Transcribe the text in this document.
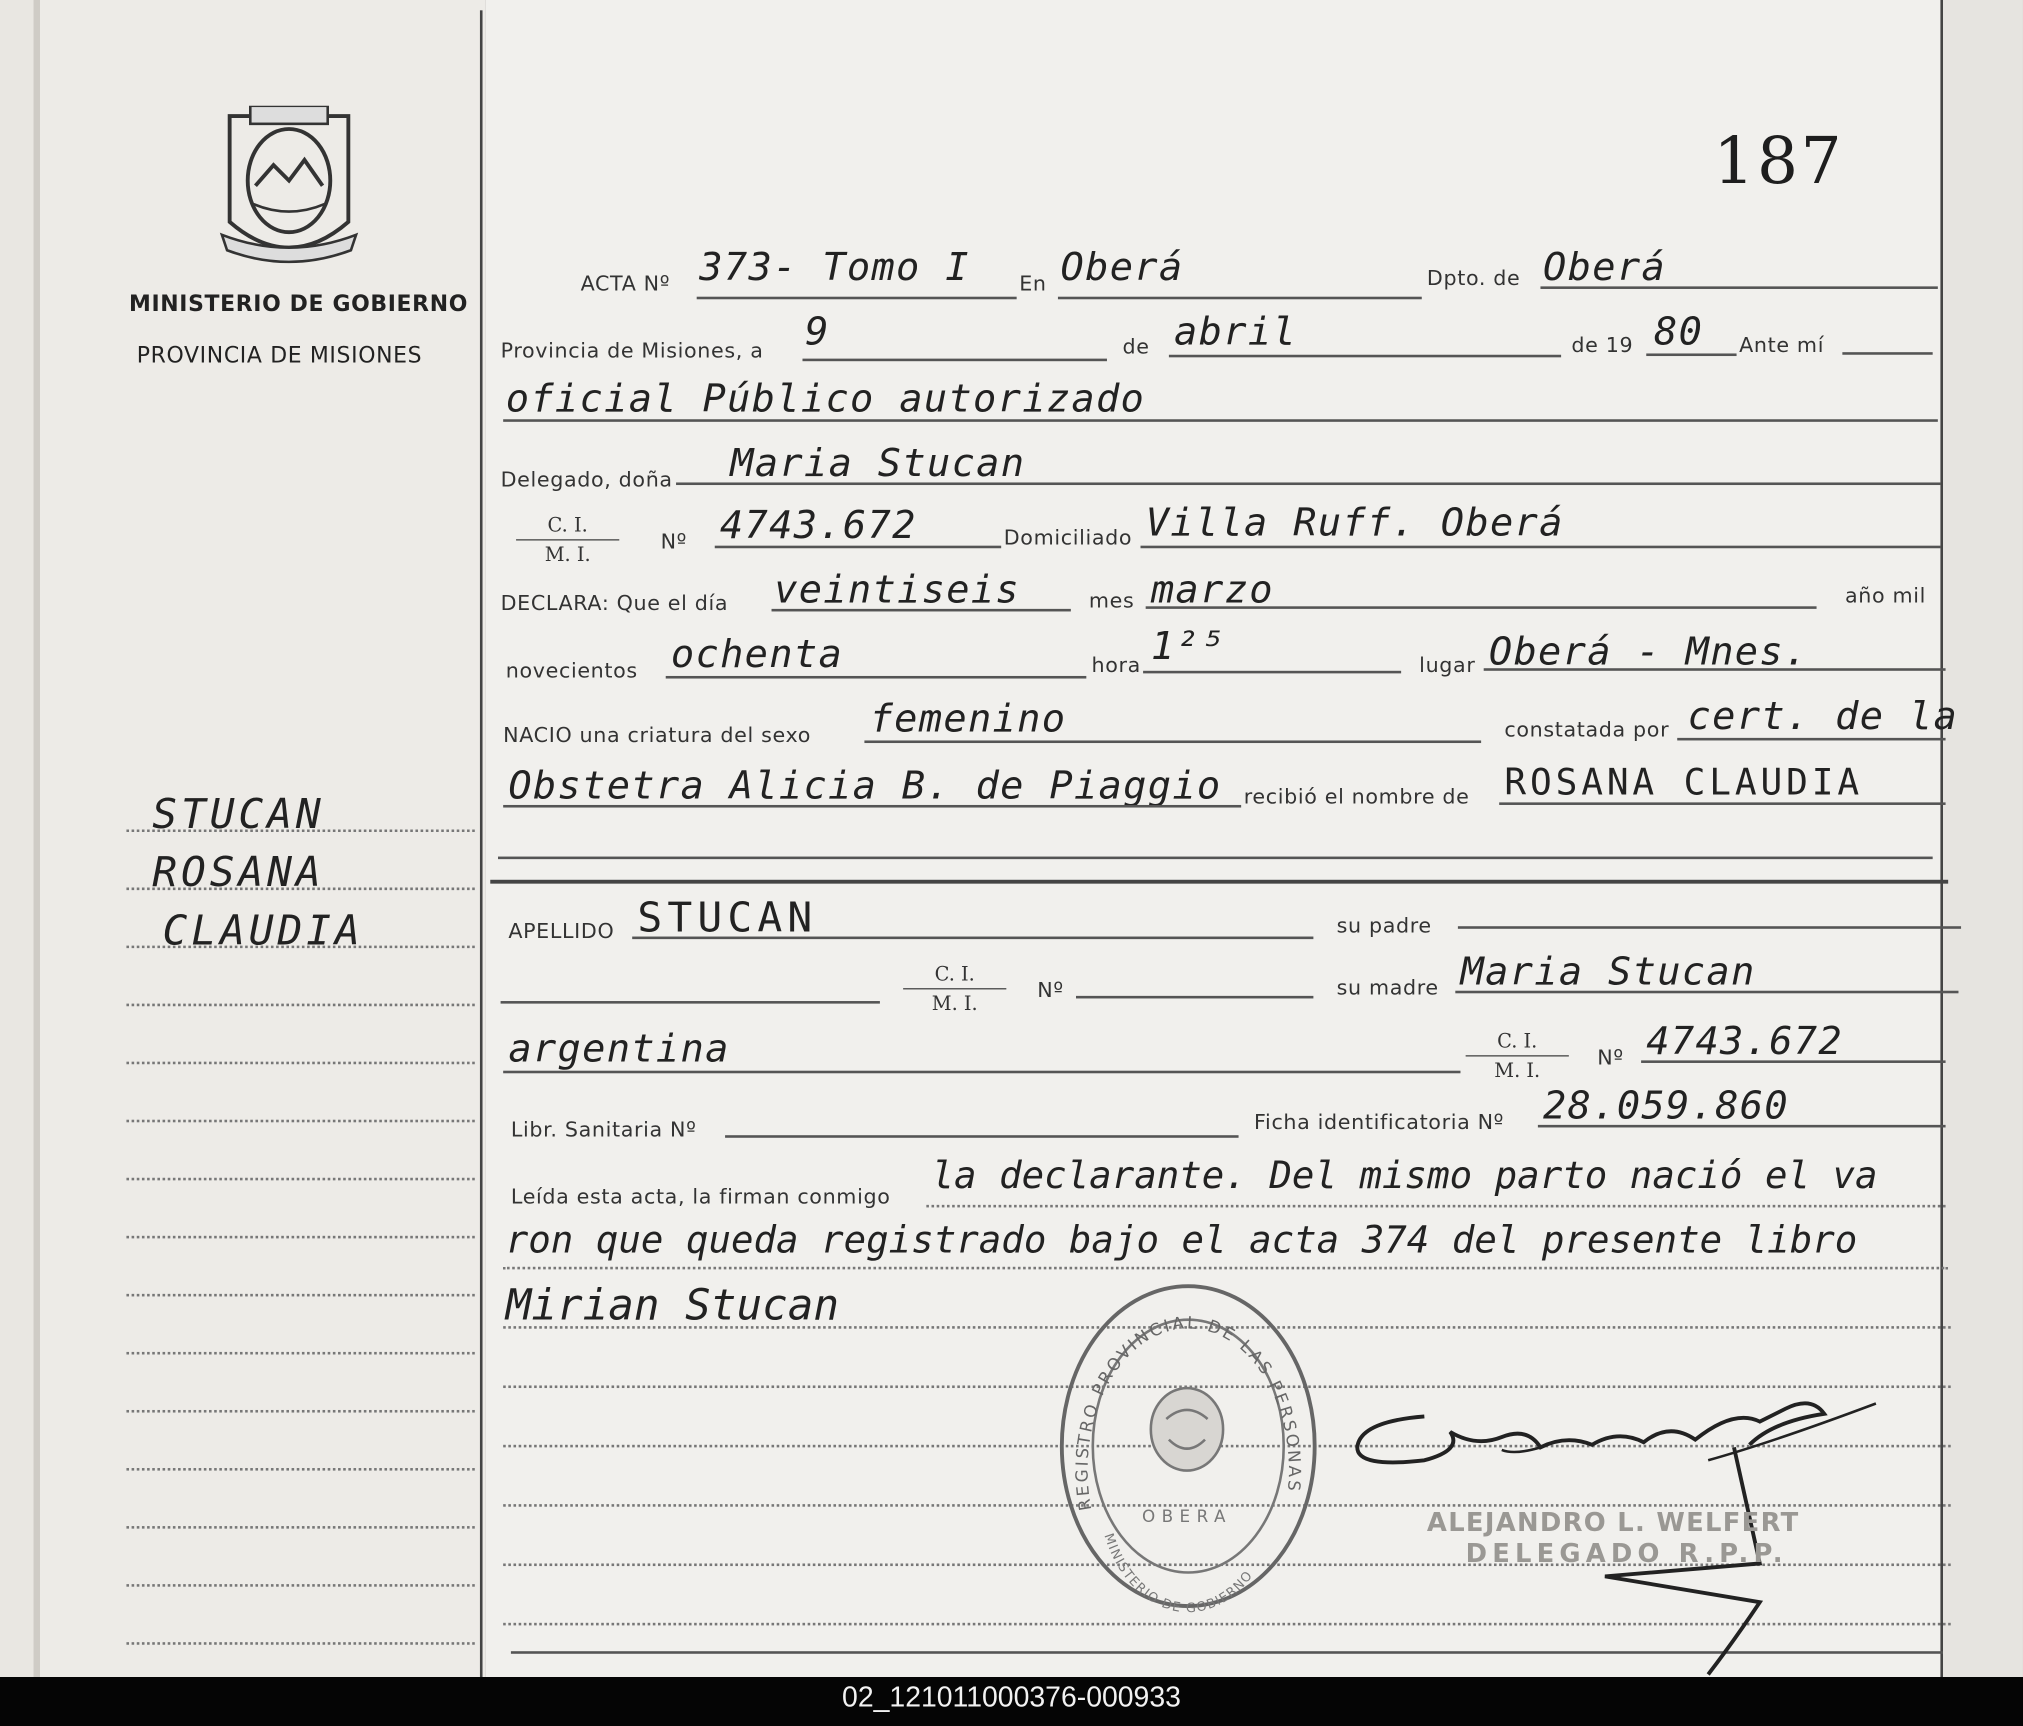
MINISTERIO DE GOBIERNO
PROVINCIA DE MISIONES
187
STUCAN
ROSANA
CLAUDIA
ACTA Nº 373- Tomo I	En Oberá	Dpto. de Oberá
Provincia de Misiones, a 9	de abril	de 19 80 Ante mí
oficial Público autorizado
Delegado, doña Maria Stucan
$\frac{C. I.}{M. I.}$	Nº 4743.672	Domiciliado Villa Ruff. Oberá
DECLARA: Que el día veintiseis	mes marzo	año mil
novecientos ochenta	hora 1²⁵	lugar Oberá - Mnes.
NACIO una criatura del sexo femenino	constatada por cert. de la
Obstetra Alicia B. de Piaggio recibió el nombre de ROSANA CLAUDIA
APELLIDO STUCAN	su padre
$\frac{C. I.}{M. I.}$ Nº	su madre Maria Stucan
argentina	$\frac{C. I.}{M. I.}$ Nº 4743.672
Libr. Sanitaria Nº	Ficha identificatoria Nº 28.059.860
Leída esta acta, la firman conmigo la declarante. Del mismo parto nació el va
ron que queda registrado bajo el acta 374 del presente libro
Mirian Stucan
REGISTRO PROVINCIAL DE LAS PERSONAS
MINISTERIO DE GOBIERNO
OBERA	ALEJANDRO L. WELFERT
DELEGADO R.P.P.
02_121011000376-000933
